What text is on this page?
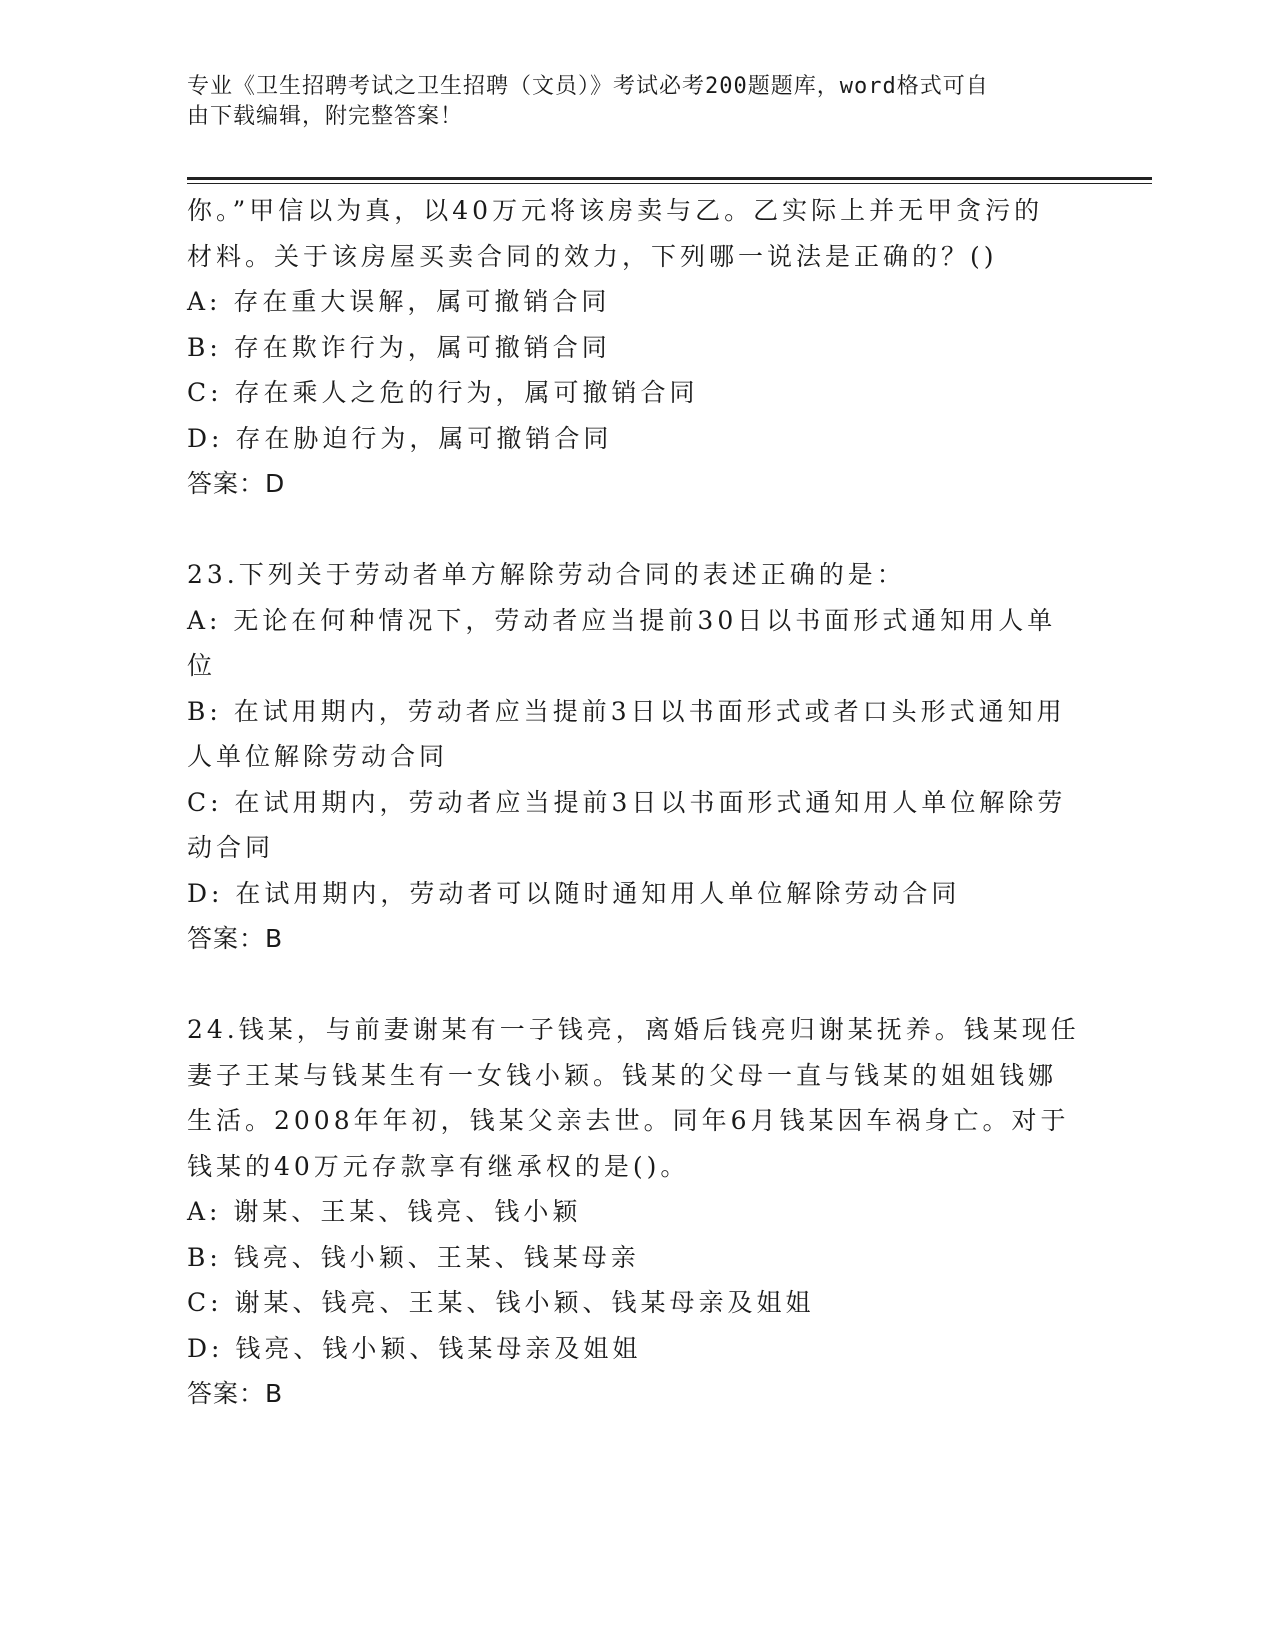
专业《卫生招聘考试之卫生招聘（文员）》考试必考200题题库，word格式可自
由下载编辑，附完整答案！
你。”甲信以为真，以40万元将该房卖与乙。乙实际上并无甲贪污的
材料。关于该房屋买卖合同的效力，下列哪一说法是正确的？()
A: 存在重大误解，属可撤销合同
B: 存在欺诈行为，属可撤销合同
C: 存在乘人之危的行为，属可撤销合同
D: 存在胁迫行为，属可撤销合同
答案：D
23.下列关于劳动者单方解除劳动合同的表述正确的是：
A: 无论在何种情况下，劳动者应当提前30日以书面形式通知用人单
位
B: 在试用期内，劳动者应当提前3日以书面形式或者口头形式通知用
人单位解除劳动合同
C: 在试用期内，劳动者应当提前3日以书面形式通知用人单位解除劳
动合同
D: 在试用期内，劳动者可以随时通知用人单位解除劳动合同
答案：B
24.钱某，与前妻谢某有一子钱亮，离婚后钱亮归谢某抚养。钱某现任
妻子王某与钱某生有一女钱小颖。钱某的父母一直与钱某的姐姐钱娜
生活。2008年年初，钱某父亲去世。同年6月钱某因车祸身亡。对于
钱某的40万元存款享有继承权的是()。
A: 谢某、王某、钱亮、钱小颖
B: 钱亮、钱小颖、王某、钱某母亲
C: 谢某、钱亮、王某、钱小颖、钱某母亲及姐姐
D: 钱亮、钱小颖、钱某母亲及姐姐
答案：B
